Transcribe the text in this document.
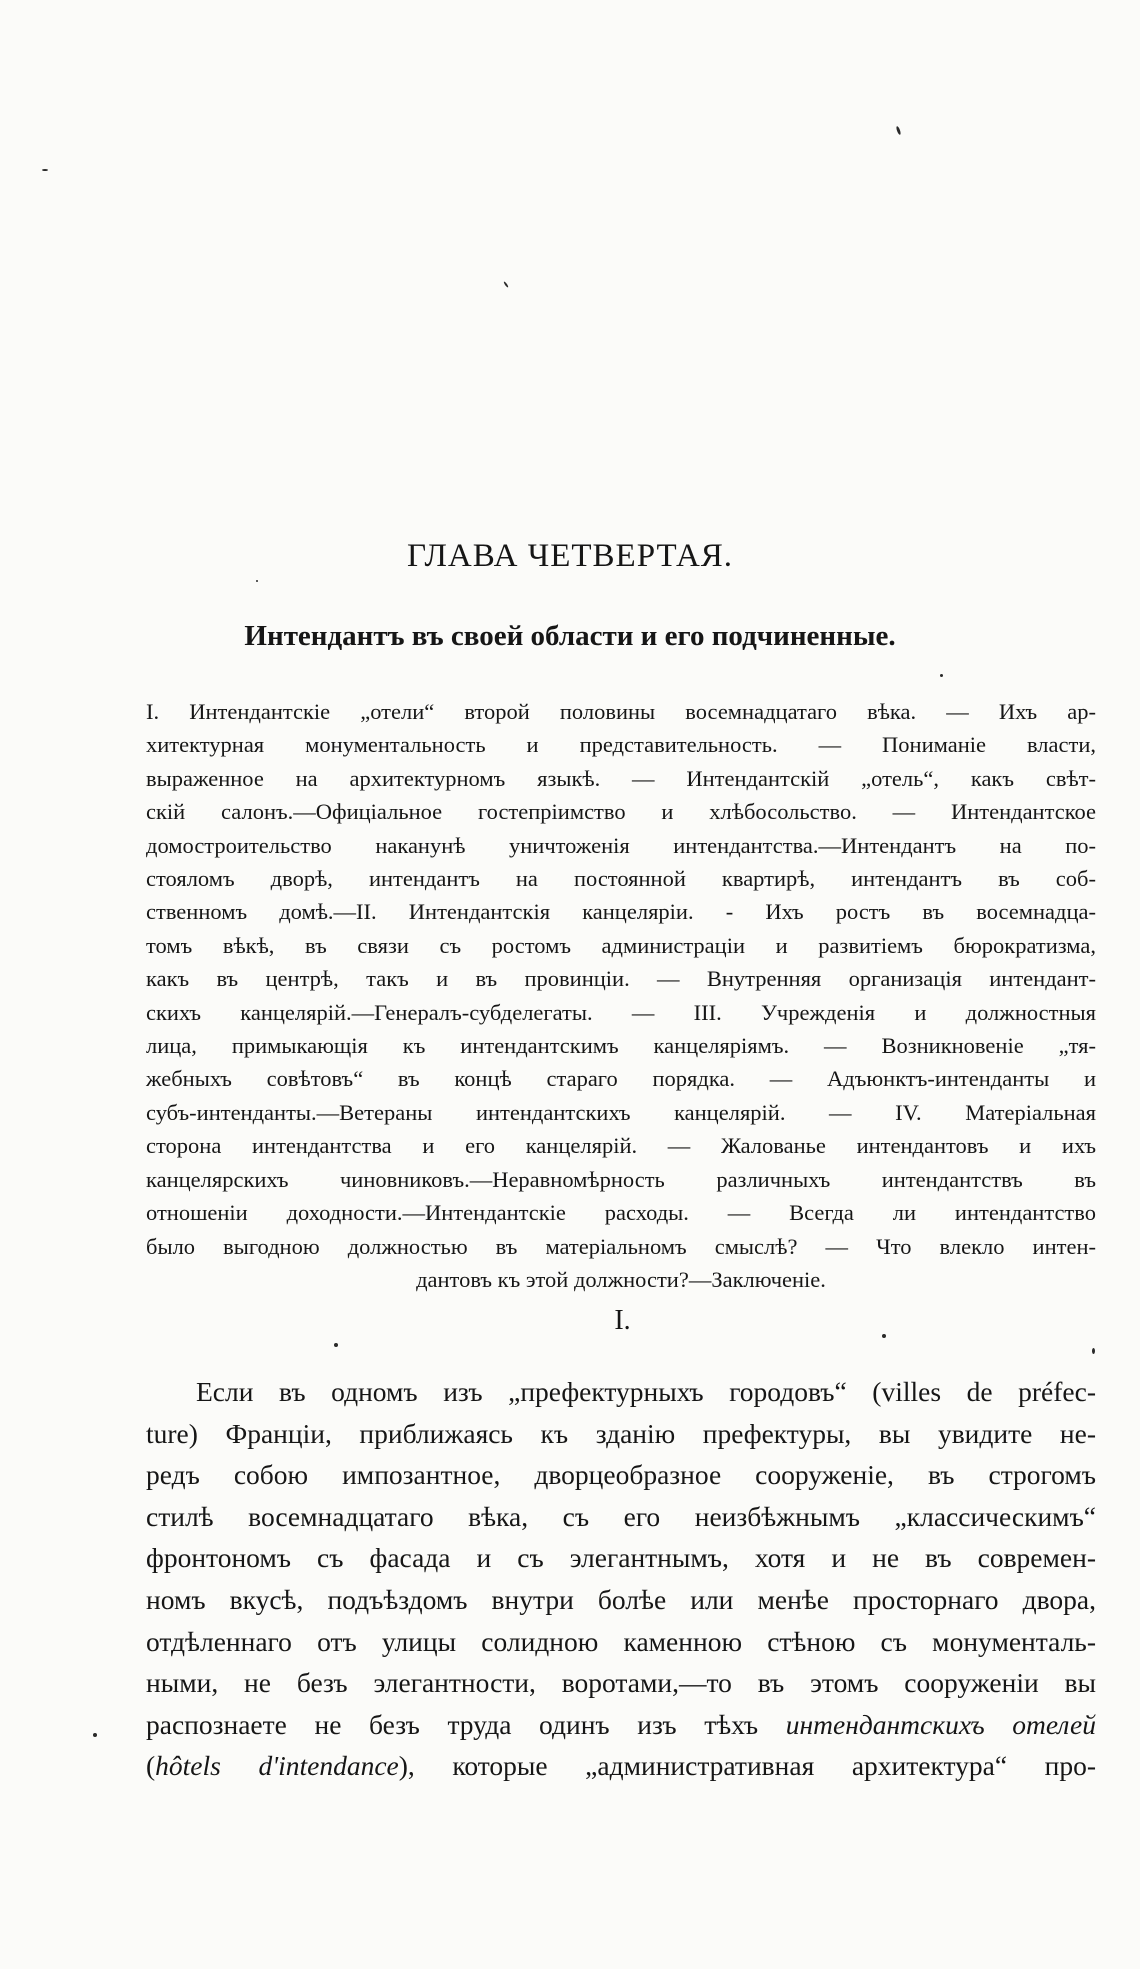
ГЛАВА ЧЕТВЕРТАЯ.
Интендантъ въ своей области и его подчиненные.

I. Интендантскіе „отели“ второй половины восемнадцатаго вѣка. — Ихъ ар-
хитектурная монументальность и представительность. — Пониманіе власти,
выраженное на архитектурномъ языкѣ. — Интендантскій „отель“, какъ свѣт-
скій салонъ.—Офиціальное гостепріимство и хлѣбосольство. — Интендантское
домостроительство наканунѣ уничтоженія интендантства.—Интендантъ на по-
стояломъ дворѣ, интендантъ на постоянной квартирѣ, интендантъ въ соб-
ственномъ домѣ.—II. Интендантскія канцеляріи. - Ихъ ростъ въ восемнадца-
томъ вѣкѣ, въ связи съ ростомъ администраціи и развитіемъ бюрократизма,
какъ въ центрѣ, такъ и въ провинціи. — Внутренняя организація интендант-
скихъ канцелярій.—Генералъ-субделегаты. — III. Учрежденія и должностныя
лица, примыкающія къ интендантскимъ канцеляріямъ. — Возникновеніе „тя-
жебныхъ совѣтовъ“ въ концѣ стараго порядка. — Адъюнктъ-интенданты и
субъ-интенданты.—Ветераны интендантскихъ канцелярій. — IV. Матеріальная
сторона интендантства и его канцелярій. — Жалованье интендантовъ и ихъ
канцелярскихъ чиновниковъ.—Неравномѣрность различныхъ интендантствъ въ
отношеніи доходности.—Интендантскіе расходы. — Всегда ли интендантство
было выгодною должностью въ матеріальномъ смыслѣ? — Что влекло интен-
дантовъ къ этой должности?—Заключеніе.

I.

Если въ одномъ изъ „префектурныхъ городовъ“ (villes de préfec-
ture) Франціи, приближаясь къ зданію префектуры, вы увидите не-
редъ собою импозантное, дворцеобразное сооруженіе, въ строгомъ
стилѣ восемнадцатаго вѣка, съ его неизбѣжнымъ „классическимъ“
фронтономъ съ фасада и съ элегантнымъ, хотя и не въ современ-
номъ вкусѣ, подъѣздомъ внутри болѣе или менѣе просторнаго двора,
отдѣленнаго отъ улицы солидною каменною стѣною съ монументаль-
ными, не безъ элегантности, воротами,—то въ этомъ сооруженіи вы
распознаете не безъ труда одинъ изъ тѣхъ интендантскихъ отелей
(hôtels d'intendance), которые „административная архитектура“ про-
